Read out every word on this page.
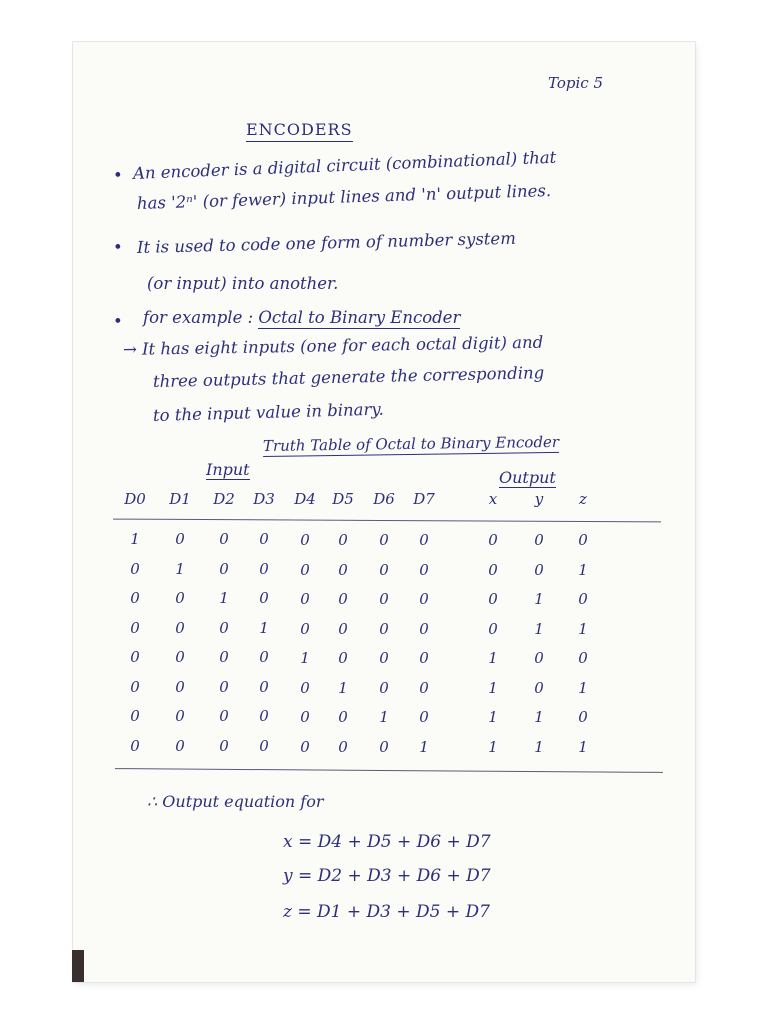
Topic 5
ENCODERS
• An encoder is a digital circuit (combinational) that
has '2ⁿ' (or fewer) input lines and 'n' output lines.
• It is used to code one form of number system
(or input) into another.
• for example : Octal to Binary Encoder
→ It has eight inputs (one for each octal digit) and
three outputs that generate the corresponding
to the input value in binary.
Truth Table of Octal to Binary Encoder
Input	Output
D0 D1 D2 D3 D4 D5 D6 D7	x	y	z
1	0	0	0	0	0	0	0	0	0	0
0	1	0	0	0	0	0	0	0	0	1
0	0	1	0	0	0	0	0	0	1	0
0	0	0	1	0	0	0	0	0	1	1
0	0	0	0	1	0	0	0	1	0	0
0	0	0	0	0	1	0	0	1	0	1
0	0	0	0	0	0	1	0	1	1	0
0	0	0	0	0	0	0	1	1	1	1
∴ Output equation for
x = D4 + D5 + D6 + D7
y = D2 + D3 + D6 + D7
z = D1 + D3 + D5 + D7
